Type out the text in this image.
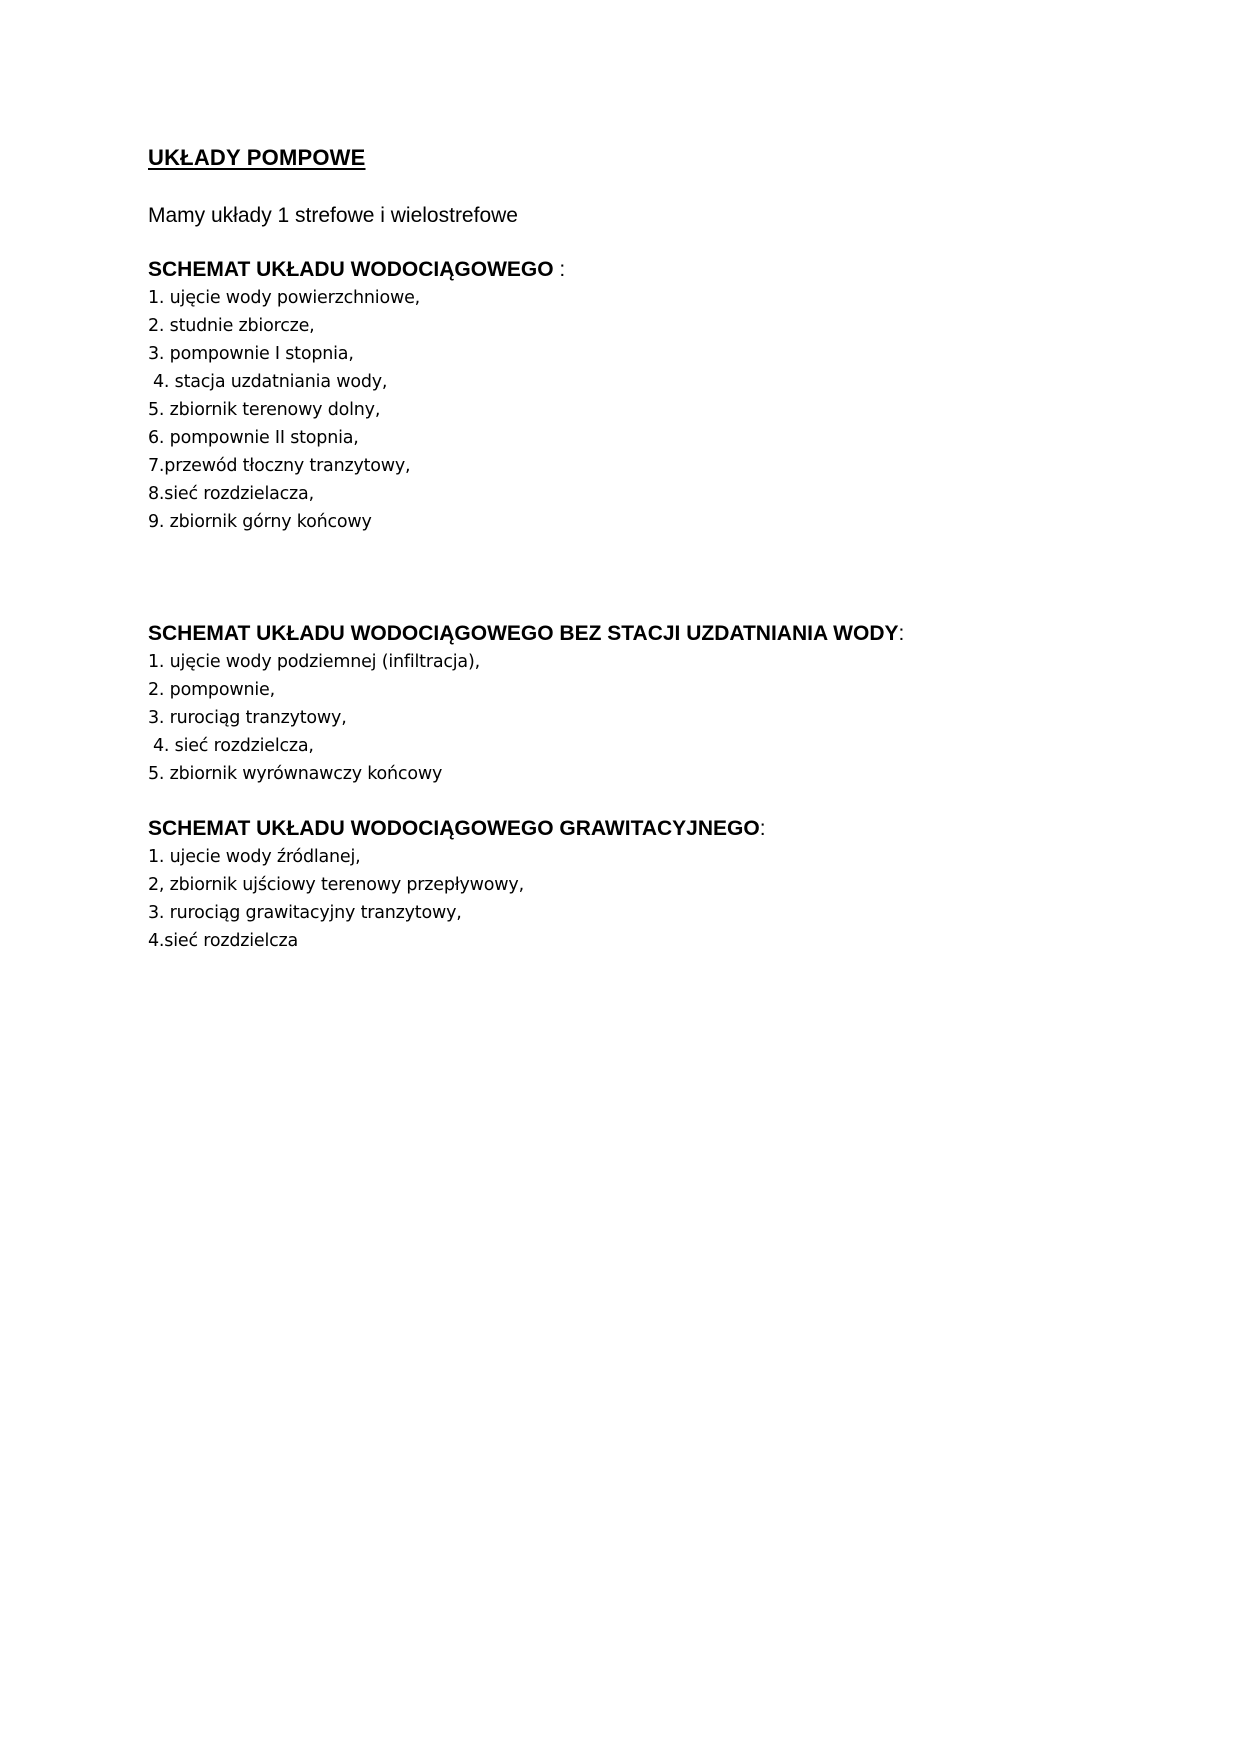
UKŁADY POMPOWE

Mamy układy 1 strefowe i wielostrefowe

SCHEMAT UKŁADU WODOCIĄGOWEGO :
1. ujęcie wody powierzchniowe,
2. studnie zbiorcze,
3. pompownie I stopnia,
4. stacja uzdatniania wody,
5. zbiornik terenowy dolny,
6. pompownie II stopnia,
7.przewód tłoczny tranzytowy,
8.sieć rozdzielacza,
9. zbiornik górny końcowy
SCHEMAT UKŁADU WODOCIĄGOWEGO BEZ STACJI UZDATNIANIA WODY:
1. ujęcie wody podziemnej (infiltracja),
2. pompownie,
3. rurociąg tranzytowy,
4. sieć rozdzielcza,
5. zbiornik wyrównawczy końcowy
SCHEMAT UKŁADU WODOCIĄGOWEGO GRAWITACYJNEGO:
1. ujecie wody źródlanej,
2, zbiornik ujściowy terenowy przepływowy,
3. rurociąg grawitacyjny tranzytowy,
4.sieć rozdzielcza
